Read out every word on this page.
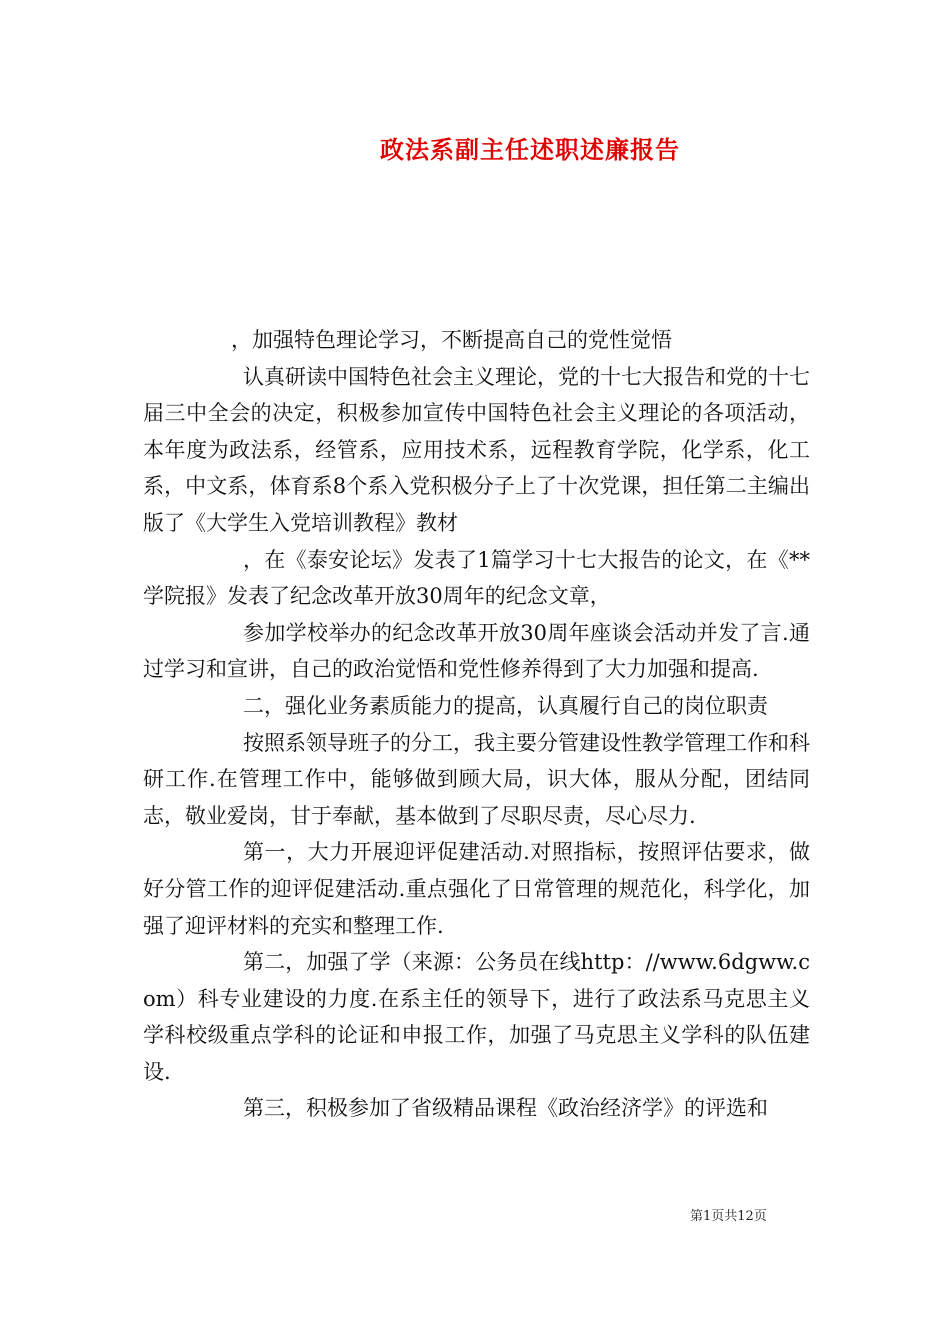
政法系副主任述职述廉报告

，加强特色理论学习，不断提高自己的党性觉悟

认真研读中国特色社会主义理论，党的十七大报告和党的十七届三中全会的决定，积极参加宣传中国特色社会主义理论的各项活动，本年度为政法系，经管系，应用技术系，远程教育学院，化学系，化工系，中文系，体育系8个系入党积极分子上了十次党课，担任第二主编出版了《大学生入党培训教程》教材

，在《泰安论坛》发表了1篇学习十七大报告的论文，在《**学院报》发表了纪念改革开放30周年的纪念文章，

参加学校举办的纪念改革开放30周年座谈会活动并发了言.通过学习和宣讲，自己的政治觉悟和党性修养得到了大力加强和提高.

二，强化业务素质能力的提高，认真履行自己的岗位职责

按照系领导班子的分工，我主要分管建设性教学管理工作和科研工作.在管理工作中，能够做到顾大局，识大体，服从分配，团结同志，敬业爱岗，甘于奉献，基本做到了尽职尽责，尽心尽力.

第一，大力开展迎评促建活动.对照指标，按照评估要求，做好分管工作的迎评促建活动.重点强化了日常管理的规范化，科学化，加强了迎评材料的充实和整理工作.

第二，加强了学（来源：公务员在线http：//www.6dgww.com）科专业建设的力度.在系主任的领导下，进行了政法系马克思主义学科校级重点学科的论证和申报工作，加强了马克思主义学科的队伍建设.

第三，积极参加了省级精品课程《政治经济学》的评选和

第1页共12页
